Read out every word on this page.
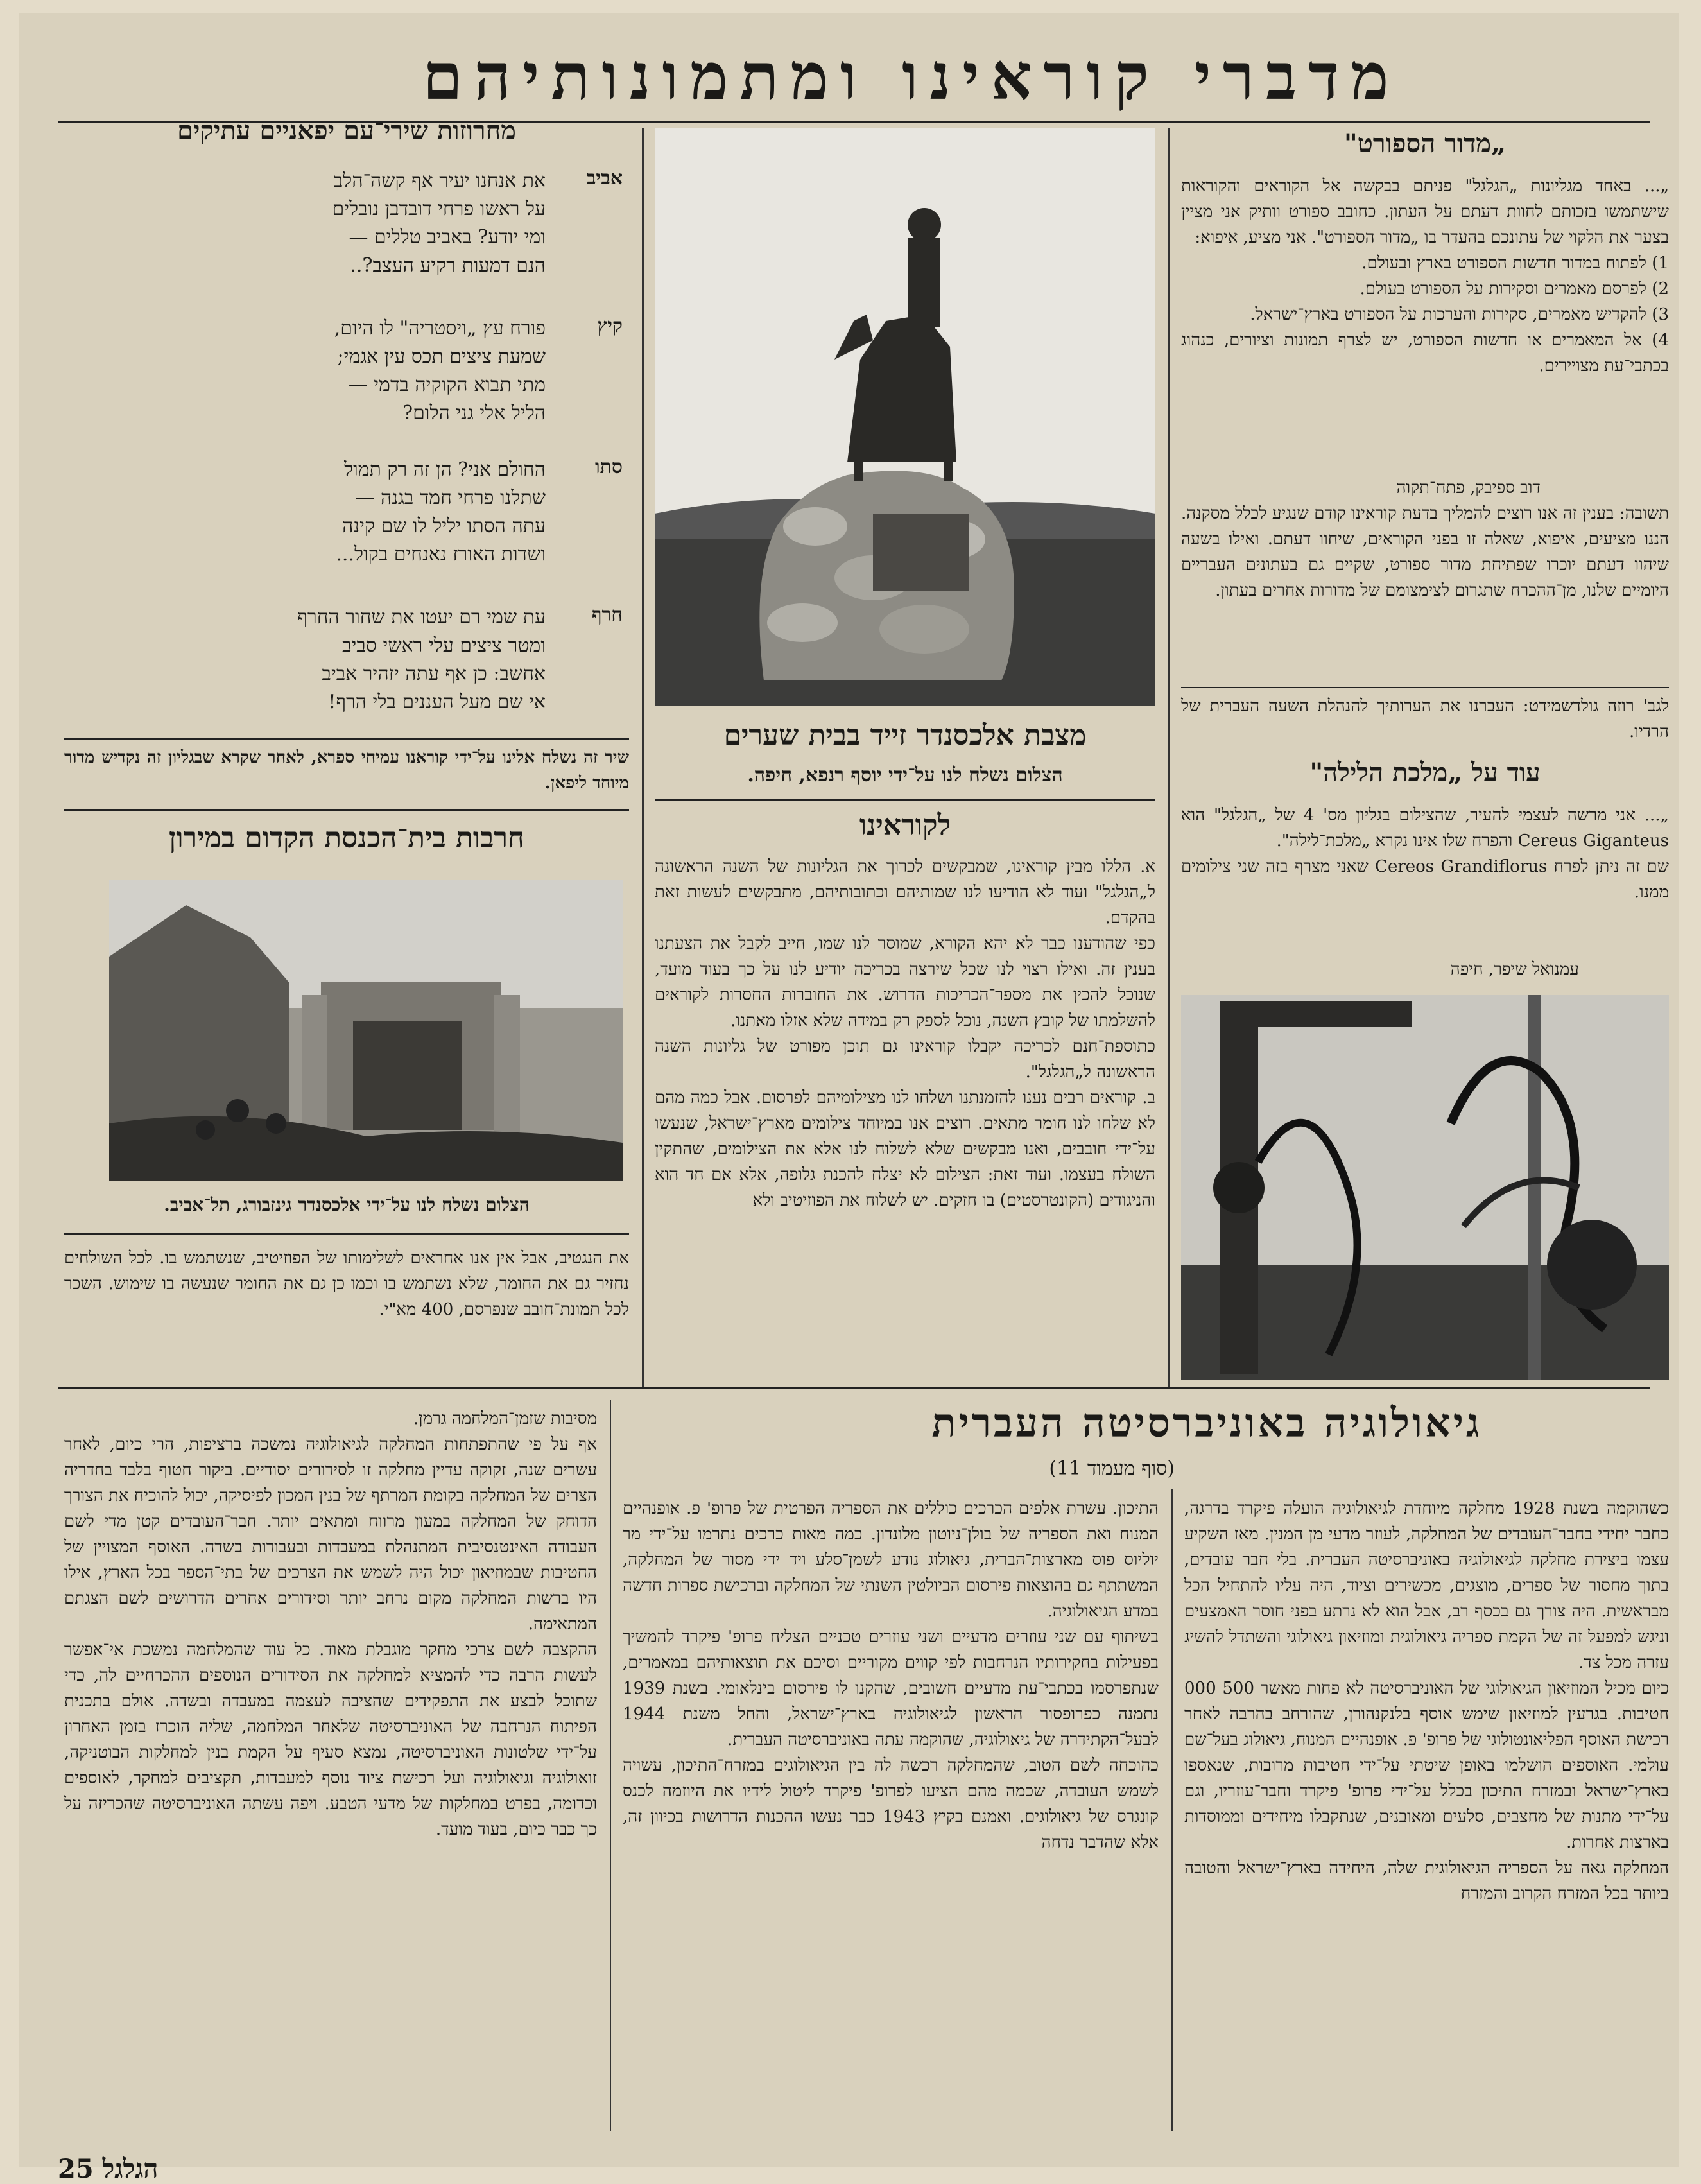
מדברי קוראינו ומתמונותיהם
„מדור הספורט"
„... באחד מגליונות „הגלגל" פניתם בבקשה אל הקוראים והקוראות שישתמשו בזכותם לחוות דעתם על העתון. כחובב ספורט וותיק אני מציין בצער את הלקוי של עתונכם בהעדר בו „מדור הספורט". אני מציע, איפוא:
1) לפתוח במדור חדשות הספורט בארץ ובעולם.
2) לפרסם מאמרים וסקירות על הספורט בעולם.
3) להקדיש מאמרים, סקירות והערכות על הספורט בארץ־ישראל.
4) אל המאמרים או חדשות הספורט, יש לצרף תמונות וציורים, כנהוג בכתבי־עת מצויירים.
דוב ספיבק, פתח־תקוה
תשובה: בענין זה אנו רוצים להמליך בדעת קוראינו קודם שנגיע לכלל מסקנה. הננו מציעים, איפוא, שאלה זו בפני הקוראים, שיחוו דעתם. ואילו בשעה שיהוו דעתם יוכרו שפתיחת מדור ספורט, שקיים גם בעתונים העבריים היומיים שלנו, מן־ההכרח שתגרום לצימצומם של מדורות אחרים בעתון.
לגב' רוזה גולדשמידט: העברנו את הערותיך להנהלת השעה העברית של הרדיו.
עוד על „מלכת הלילה"
„... אני מרשה לעצמי להעיר, שהצילום בגליון מס' 4 של „הגלגל" הוא Cereus Giganteus והפרח שלו אינו נקרא „מלכת־לילה".
שם זה ניתן לפרח Cereos Grandiflorus שאני מצרף בזה שני צילומים ממנו.
עמנואל שיפר, חיפה
מצבת אלכסנדר זייד בבית שערים
הצלום נשלח לנו על־ידי יוסף רנפא, חיפה.
לקוראינו
א. הללו מבין קוראינו, שמבקשים לכרוך את הגליונות של השנה הראשונה ל„הגלגל" ועוד לא הודיעו לנו שמותיהם וכתובותיהם, מתבקשים לעשות זאת בהקדם.
כפי שהודענו כבר לא יהא הקורא, שמוסר לנו שמו, חייב לקבל את הצעתנו בענין זה. ואילו רצוי לנו שכל שירצה בכריכה יודיע לנו על כך בעוד מועד, שנוכל להכין את מספר־הכריכות הדרוש. את החוברות החסרות לקוראים להשלמתו של קובץ השנה, נוכל לספק רק במידה שלא אזלו מאתנו.
כתוספת־חנם לכריכה יקבלו קוראינו גם תוכן מפורט של גליונות השנה הראשונה ל„הגלגל".
ב. קוראים רבים נענו להזמנתנו ושלחו לנו מצילומיהם לפרסום. אבל כמה מהם לא שלחו לנו חומר מתאים. רוצים אנו במיוחד צילומים מארץ־ישראל, שנעשו על־ידי חובבים, ואנו מבקשים שלא לשלוח לנו אלא את הצילומים, שהתקין השולח בעצמו. ועוד זאת: הצילום לא יצלח להכנת גלופה, אלא אם חד הוא והניגודים (הקונטרסטים) בו חזקים. יש לשלוח את הפוזיטיב ולא
מחרוזות שירי־עם יפאניים עתיקים
אביב
את אנחנו יעיר אף קשה־הלב
על ראשו פרחי דובדבן נובלים
ומי יודע? באביב טללים —
הנם דמעות רקיע העצב?..
קיץ
פורח עץ „ויסטריה" לו היום,
שמעת ציצים תכס עין אגמי;
מתי תבוא הקוקיה בדמי —
הליל אלי גני הלום?
סתו
החולם אני? הן זה רק תמול
שתלנו פרחי חמד בגנה —
עתה הסתו יליל לו שם קינה
ושדות האורז נאנחים בקול...
חרף
עת שמי רם יעטו את שחור החרף
ומטר ציצים עלי ראשי סביב
אחשב: כן אף עתה יזהיר אביב
אי שם מעל העננים בלי הרף!
שיר זה נשלח אלינו על־ידי קוראנו עמיחי ספרא, לאחר שקרא שבגליון זה נקדיש מדור מיוחד ליפאן.
חרבות בית־הכנסת הקדום במירון
הצלום נשלח לנו על־ידי אלכסנדר גינזבורג, תל־אביב.
את הנגטיב, אבל אין אנו אחראים לשלימותו של הפוזיטיב, שנשתמש בו. לכל השולחים נחזיר גם את החומר, שלא נשתמש בו וכמו כן גם את החומר שנעשה בו שימוש. השכר לכל תמונת־חובב שנפרסם, 400 מא"י.
גיאולוגיה באוניברסיטה העברית
(סוף מעמוד 11)
כשהוקמה בשנת 1928 מחלקה מיוחדת לגיאולוגיה הועלה פיקרד בדרגה, כחבר יחידי בחבר־העובדים של המחלקה, לעוזר מדעי מן המנין. מאז השקיע עצמו ביצירת מחלקה לגיאולוגיה באוניברסיטה העברית. בלי חבר עובדים, בתוך מחסור של ספרים, מוצגים, מכשירים וציוד, היה עליו להתחיל הכל מבראשית. היה צורך גם בכסף רב, אבל הוא לא נרתע בפני חוסר האמצעים וניגש למפעל זה של הקמת ספריה גיאולוגית ומוזיאון גיאולוגי והשתדל להשיג עזרה מכל צד.
כיום מכיל המוזיאון הגיאולוגי של האוניברסיטה לא פחות מאשר 500 000 חטיבות. בגרעין למוזיאון שימש אוסף בלנקנהורן, שהורחב בהרבה לאחר רכישת האוסף הפליאונטולוגי של פרופ' פ. אופנהיים המנוח, גיאולוג בעל־שם עולמי. האוספים הושלמו באופן שיטתי על־ידי חטיבות מרובות, שנאספו בארץ־ישראל ובמזרח התיכון בכלל על־ידי פרופ' פיקרד וחבר־עוזריו, וגם על־ידי מתנות של מחצבים, סלעים ומאובנים, שנתקבלו מיחידים וממוסדות בארצות אחרות.
המחלקה גאה על הספריה הגיאולוגית שלה, היחידה בארץ־ישראל והטובה ביותר בכל המזרח הקרוב והמזרח
התיכון. עשרת אלפים הכרכים כוללים את הספריה הפרטית של פרופ' פ. אופנהיים המנוח ואת הספריה של בולן־ניוטון מלונדון. כמה מאות כרכים נתרמו על־ידי מר יוליוס פוס מארצות־הברית, גיאולוג נודע לשמן־סלע ויד ידי מסור של המחלקה, המשתתף גם בהוצאות פירסום הביולטין השנתי של המחלקה וברכישת ספרות חדשה במדע הגיאולוגיה.
בשיתוף עם שני עוזרים מדעיים ושני עוזרים טכניים הצליח פרופ' פיקרד להמשיך בפעילות בחקירותיו הנרחבות לפי קווים מקוריים וסיכם את תוצאותיהם במאמרים, שנתפרסמו בכתבי־עת מדעיים חשובים, שהקנו לו פירסום בינלאומי. בשנת 1939 נתמנה כפרופסור הראשון לגיאולוגיה בארץ־ישראל, והחל משנת 1944 לבעל־הקתידרה של גיאולוגיה, שהוקמה עתה באוניברסיטה העברית.
כהוכחה לשם הטוב, שהמחלקה רכשה לה בין הגיאולוגים במזרח־התיכון, עשויה לשמש העובדה, שכמה מהם הציעו לפרופ' פיקרד ליטול לידיו את היוזמה לכנס קונגרס של גיאולוגים. ואמנם בקיץ 1943 כבר נעשו ההכנות הדרושות בכיוון זה, אלא שהדבר נדחה
מסיבות שזמן־המלחמה גרמן.
אף על פי שהתפתחות המחלקה לגיאולוגיה נמשכה ברציפות, הרי כיום, לאחר עשרים שנה, זקוקה עדיין מחלקה זו לסידורים יסודיים. ביקור חטוף בלבד בחדריה הצרים של המחלקה בקומת המרתף של בנין המכון לפיסיקה, יכול להוכיח את הצורך הדוחק של המחלקה במעון מרווח ומתאים יותר. חבר־העובדים קטן מדי לשם העבודה האינטנסיבית המתנהלת במעבדות ובעבודות בשדה. האוסף המצויין של החטיבות שבמוזיאון יכול היה לשמש את הצרכים של בתי־הספר בכל הארץ, אילו היו ברשות המחלקה מקום נרחב יותר וסידורים אחרים הדרושים לשם הצגתם המתאימה.
ההקצבה לשם צרכי מחקר מוגבלת מאוד. כל עוד שהמלחמה נמשכת אי־אפשר לעשות הרבה כדי להמציא למחלקה את הסידורים הנוספים ההכרחיים לה, כדי שתוכל לבצע את התפקידים שהציבה לעצמה במעבדה ובשדה. אולם בתכנית הפיתוח הנרחבה של האוניברסיטה שלאחר המלחמה, שליה הוכרז בזמן האחרון על־ידי שלטונות האוניברסיטה, נמצא סעיף על הקמת בנין למחלקות הבוטניקה, זואולוגיה וגיאולוגיה ועל רכישת ציוד נוסף למעבדות, תקציבים למחקר, לאוספים וכדומה, בפרט במחלקות של מדעי הטבע. ויפה עשתה האוניברסיטה שהכריזה על כך כבר כיום, בעוד מועד.
הגלגל 25
